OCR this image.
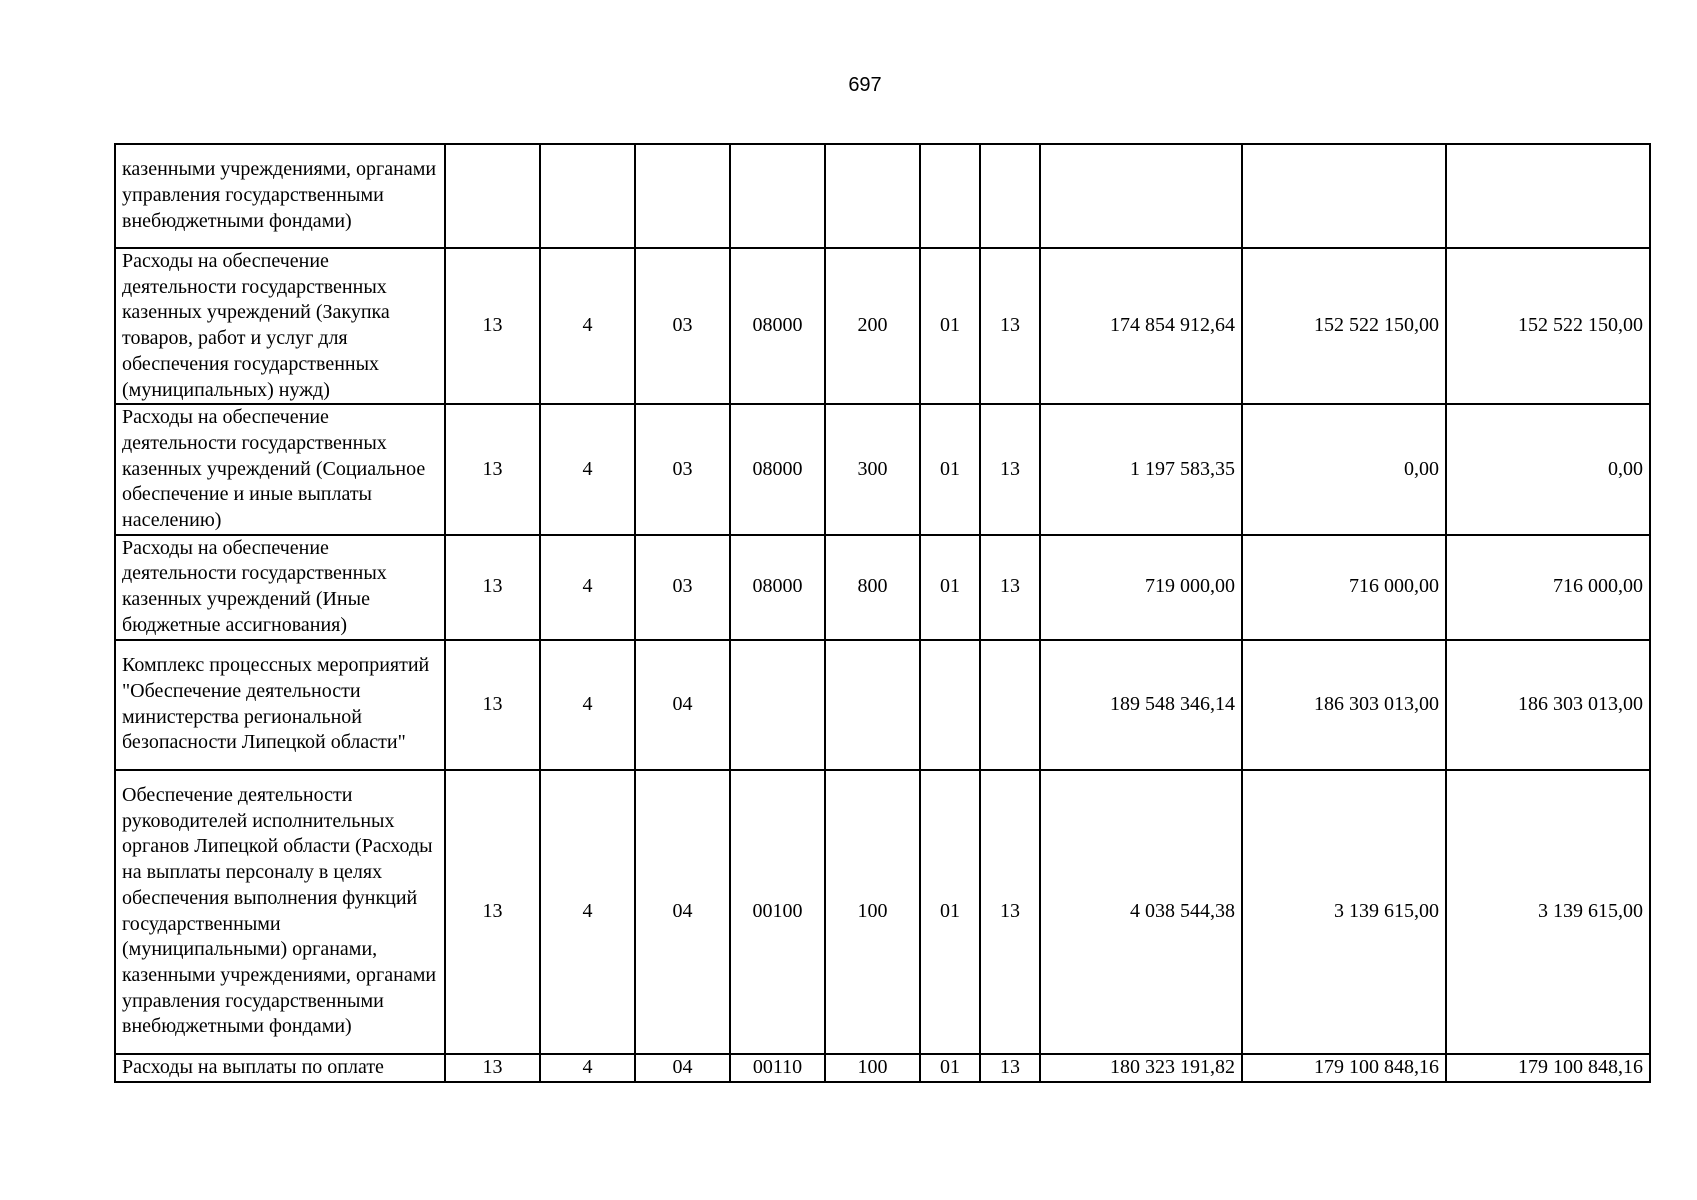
697
казенными учреждениями, органами управления государственными внебюджетными фондами)										
Расходы на обеспечение деятельности государственных казенных учреждений (Закупка товаров, работ и услуг для обеспечения государственных (муниципальных) нужд)	13	4	03	08000	200	01	13	174 854 912,64	152 522 150,00	152 522 150,00
Расходы на обеспечение деятельности государственных казенных учреждений (Социальное обеспечение и иные выплаты населению)	13	4	03	08000	300	01	13	1 197 583,35	0,00	0,00
Расходы на обеспечение деятельности государственных казенных учреждений (Иные бюджетные ассигнования)	13	4	03	08000	800	01	13	719 000,00	716 000,00	716 000,00
Комплекс процессных мероприятий "Обеспечение деятельности министерства региональной безопасности Липецкой области"	13	4	04					189 548 346,14	186 303 013,00	186 303 013,00
Обеспечение деятельности руководителей исполнительных органов Липецкой области (Расходы на выплаты персоналу в целях обеспечения выполнения функций государственными (муниципальными) органами, казенными учреждениями, органами управления государственными внебюджетными фондами)	13	4	04	00100	100	01	13	4 038 544,38	3 139 615,00	3 139 615,00
Расходы на выплаты по оплате	13	4	04	00110	100	01	13	180 323 191,82	179 100 848,16	179 100 848,16
